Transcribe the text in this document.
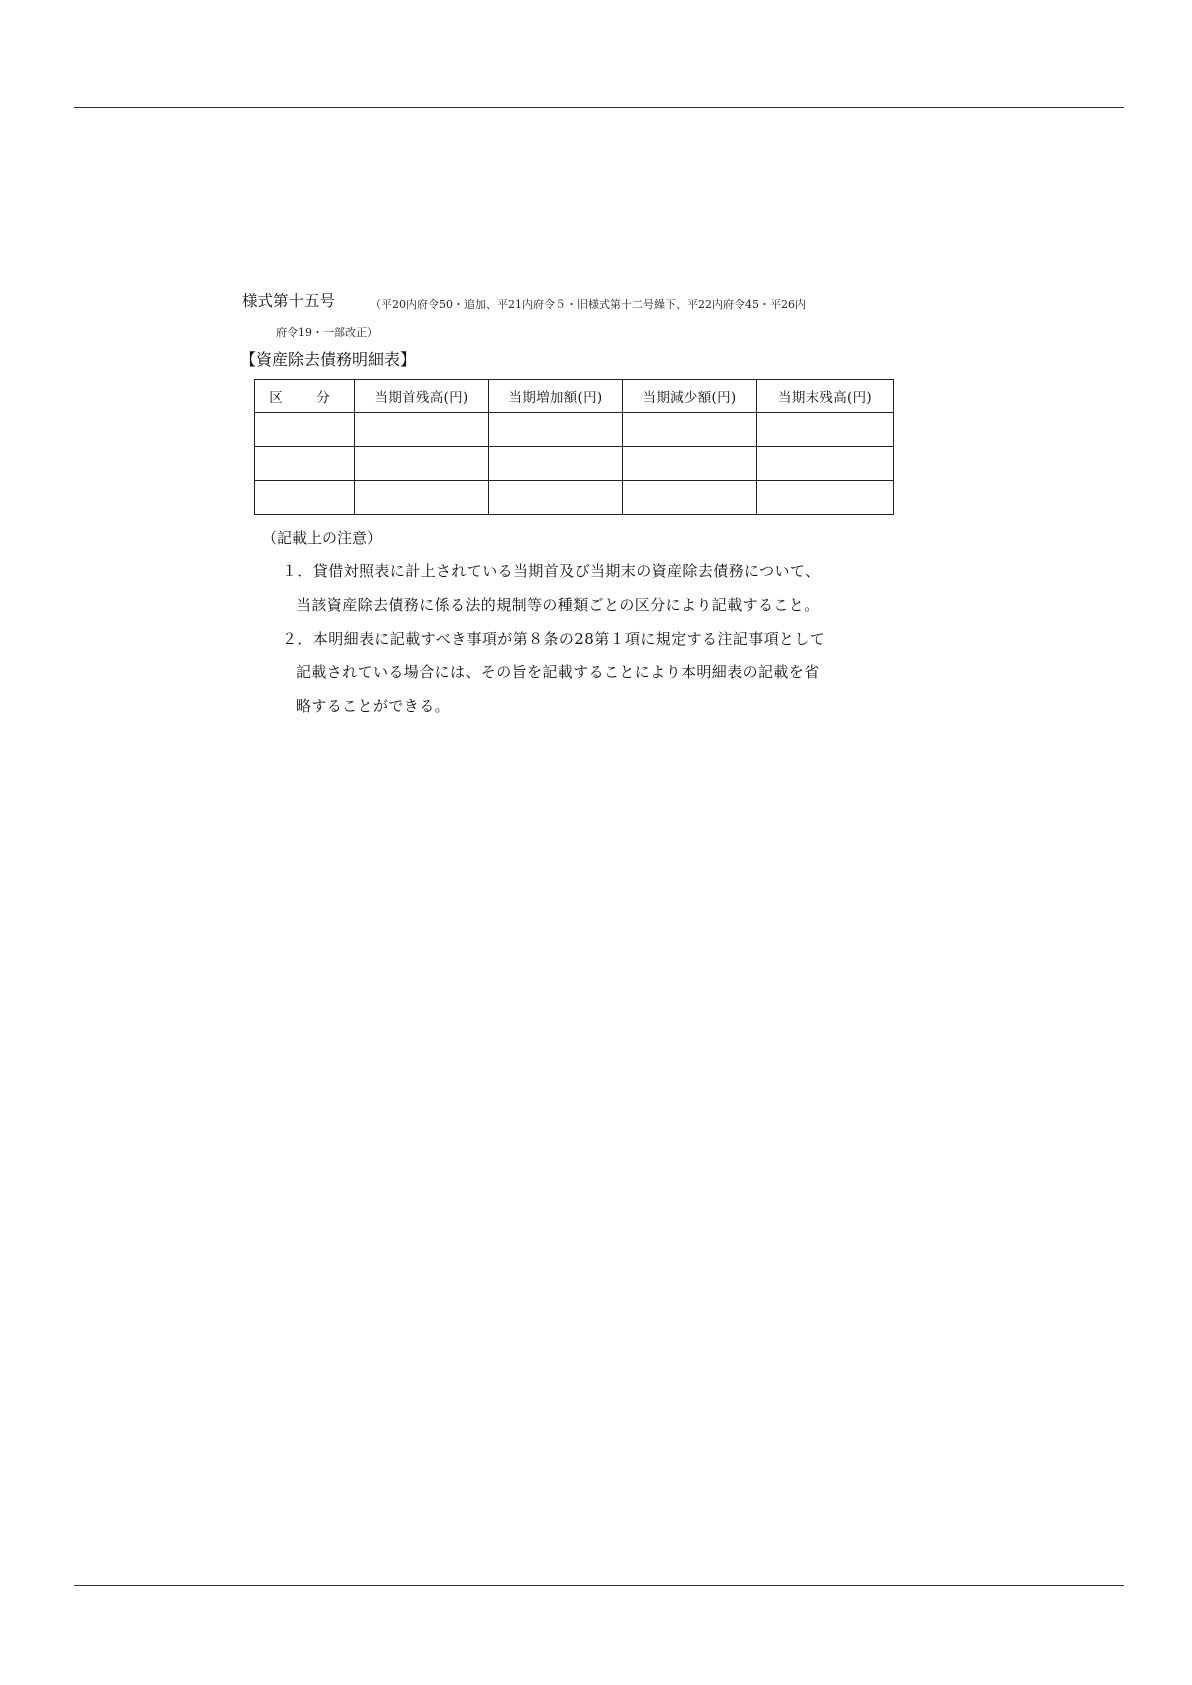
様式第十五号	（平20内府令50・追加、平21内府令５・旧様式第十二号繰下、平22内府令45・平26内
府令19・一部改正）
【資産除去債務明細表】
区　分	当期首残高(円)	当期増加額(円)	当期減少額(円)	当期末残高(円)

（記載上の注意）
１．貸借対照表に計上されている当期首及び当期末の資産除去債務について、
当該資産除去債務に係る法的規制等の種類ごとの区分により記載すること。
２．本明細表に記載すべき事項が第８条の28第１項に規定する注記事項として
記載されている場合には、その旨を記載することにより本明細表の記載を省
略することができる。
